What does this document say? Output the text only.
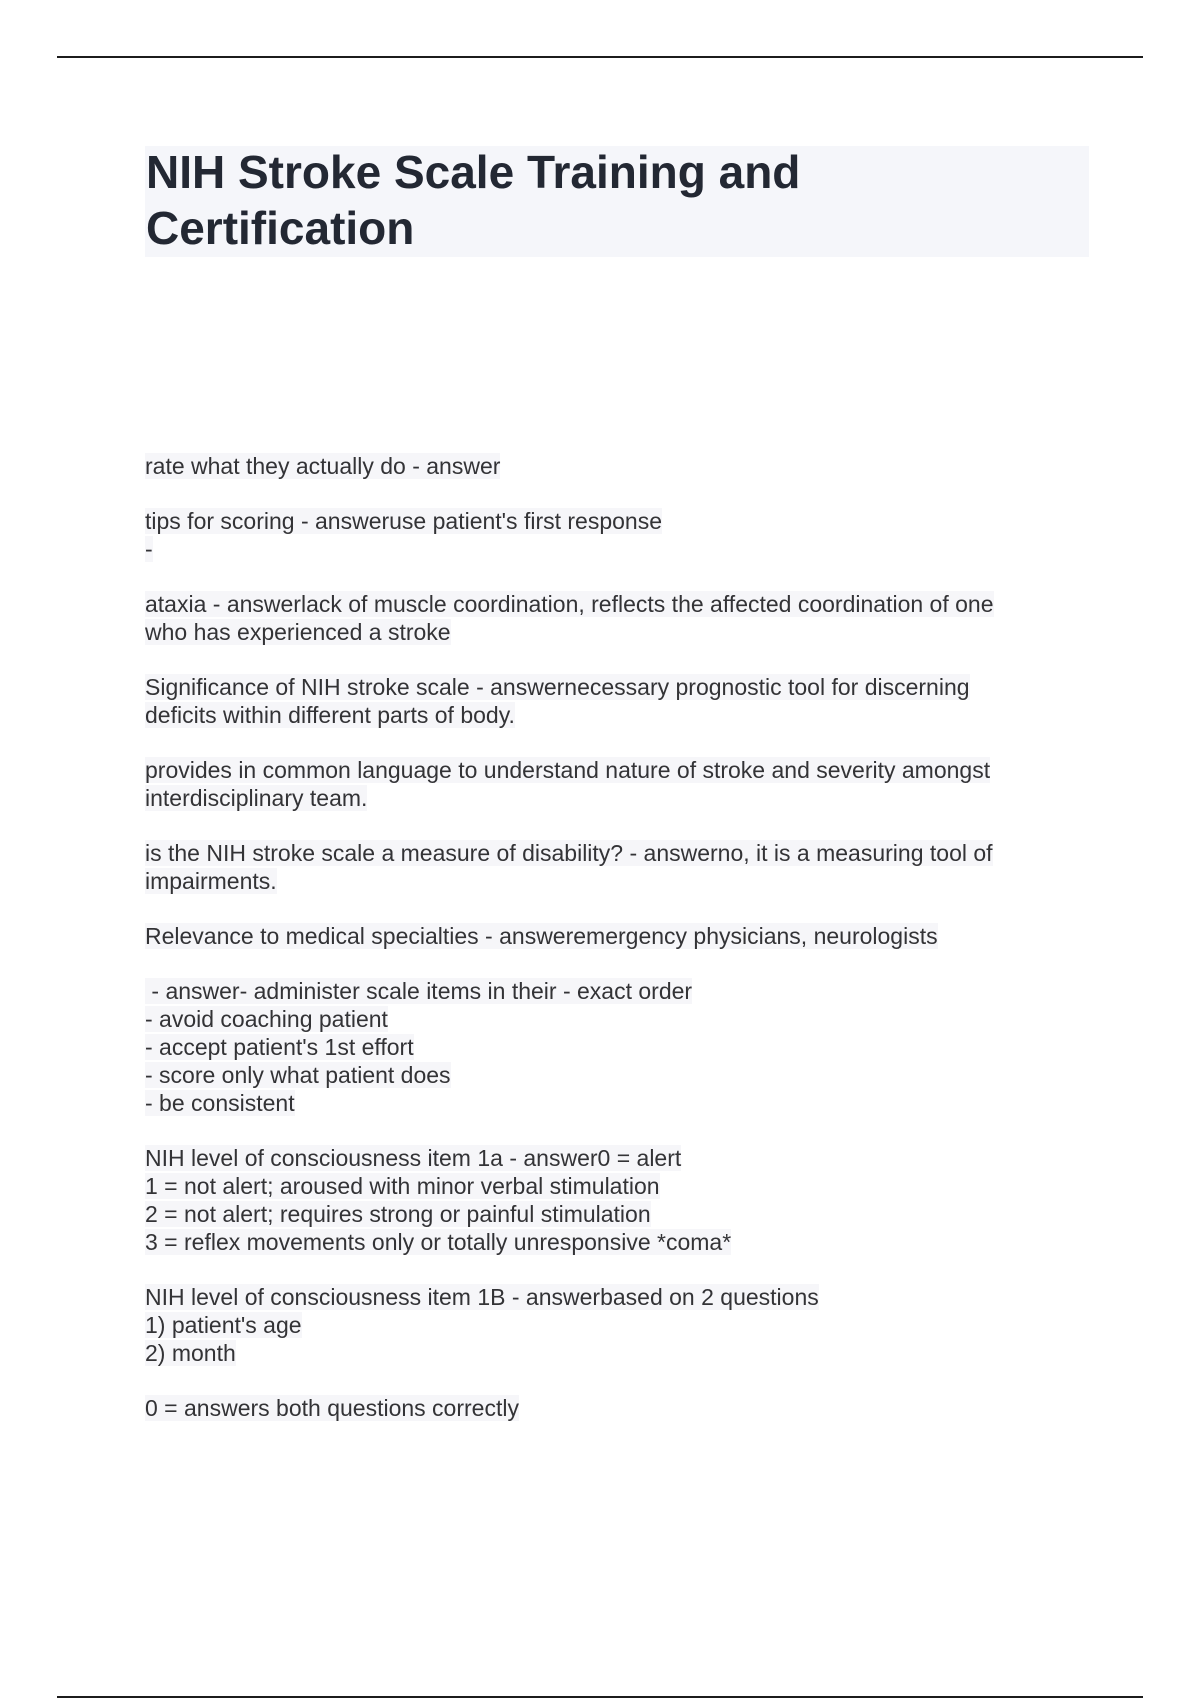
NIH Stroke Scale Training and
Certification
rate what they actually do - answer
tips for scoring - answeruse patient's first response
-
ataxia - answerlack of muscle coordination, reflects the affected coordination of one
who has experienced a stroke
Significance of NIH stroke scale - answernecessary prognostic tool for discerning
deficits within different parts of body.
provides in common language to understand nature of stroke and severity amongst
interdisciplinary team.
is the NIH stroke scale a measure of disability? - answerno, it is a measuring tool of
impairments.
Relevance to medical specialties - answeremergency physicians, neurologists
- answer- administer scale items in their - exact order
- avoid coaching patient
- accept patient's 1st effort
- score only what patient does
- be consistent
NIH level of consciousness item 1a - answer0 = alert
1 = not alert; aroused with minor verbal stimulation
2 = not alert; requires strong or painful stimulation
3 = reflex movements only or totally unresponsive *coma*
NIH level of consciousness item 1B - answerbased on 2 questions
1) patient's age
2) month
0 = answers both questions correctly
